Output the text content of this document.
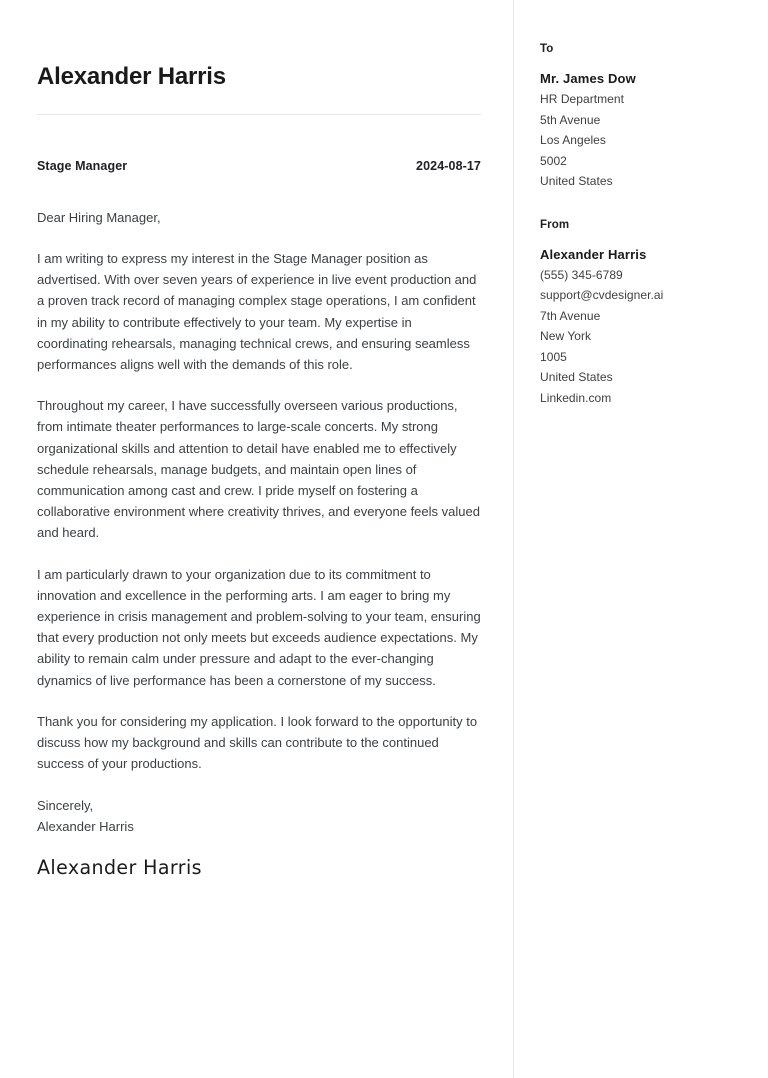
Alexander Harris
Stage Manager	2024-08-17
Dear Hiring Manager,

I am writing to express my interest in the Stage Manager position as advertised. With over seven years of experience in live event production and a proven track record of managing complex stage operations, I am confident in my ability to contribute effectively to your team. My expertise in coordinating rehearsals, managing technical crews, and ensuring seamless performances aligns well with the demands of this role.

Throughout my career, I have successfully overseen various productions, from intimate theater performances to large-scale concerts. My strong organizational skills and attention to detail have enabled me to effectively schedule rehearsals, manage budgets, and maintain open lines of communication among cast and crew. I pride myself on fostering a collaborative environment where creativity thrives, and everyone feels valued and heard.

I am particularly drawn to your organization due to its commitment to innovation and excellence in the performing arts. I am eager to bring my experience in crisis management and problem-solving to your team, ensuring that every production not only meets but exceeds audience expectations. My ability to remain calm under pressure and adapt to the ever-changing dynamics of live performance has been a cornerstone of my success.

Thank you for considering my application. I look forward to the opportunity to discuss how my background and skills can contribute to the continued success of your productions.

Sincerely,
Alexander Harris
Alexander Harris
To
Mr. James Dow
HR Department
5th Avenue
Los Angeles
5002
United States
From
Alexander Harris
(555) 345-6789
support@cvdesigner.ai
7th Avenue
New York
1005
United States
Linkedin.com
